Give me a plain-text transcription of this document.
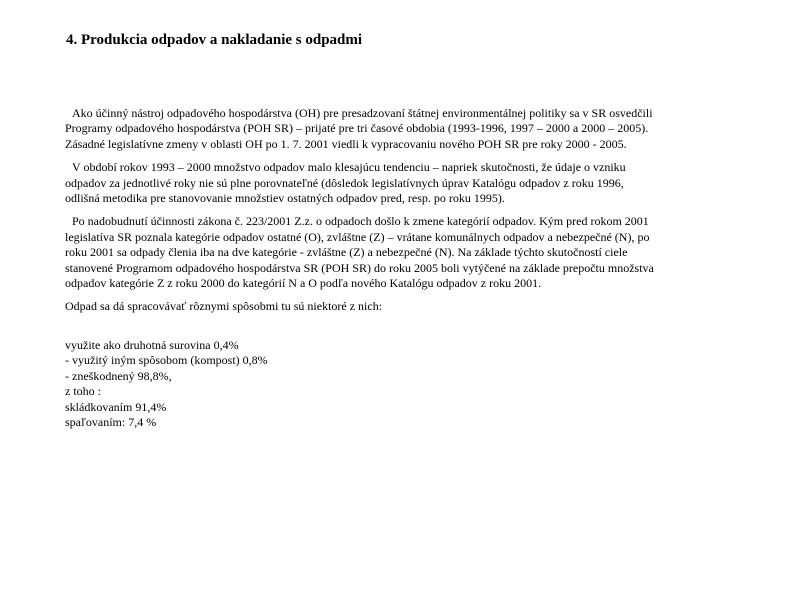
4. Produkcia odpadov a nakladanie s odpadmi

Ako účinný nástroj odpadového hospodárstva (OH) pre presadzovaní štátnej environmentálnej politiky sa v SR osvedčili Programy odpadového hospodárstva (POH SR) – prijaté pre tri časové obdobia (1993-1996, 1997 – 2000 a 2000 – 2005). Zásadné legislatívne zmeny v oblasti OH po 1. 7. 2001 viedli k vypracovaniu nového POH SR pre roky 2000 - 2005.

V období rokov 1993 – 2000 množstvo odpadov malo klesajúcu tendenciu – napriek skutočnosti, že údaje o vzniku odpadov za jednotlivé roky nie sú plne porovnateľné (dôsledok legislatívnych úprav Katalógu odpadov z roku 1996, odlišná metodika pre stanovovanie množstiev ostatných odpadov pred, resp. po roku 1995).

Po nadobudnutí účinnosti zákona č. 223/2001 Z.z. o odpadoch došlo k zmene kategórií odpadov. Kým pred rokom 2001 legislatíva SR poznala kategórie odpadov ostatné (O), zvláštne (Z) – vrátane komunálnych odpadov a nebezpečné (N), po roku 2001 sa odpady členia iba na dve kategórie - zvláštne (Z) a nebezpečné (N). Na základe týchto skutočností ciele stanovené Programom odpadového hospodárstva SR (POH SR) do roku 2005 boli vytýčené na základe prepočtu množstva odpadov kategórie Z z roku 2000 do kategórií N a O podľa nového Katalógu odpadov z roku 2001.

Odpad sa dá spracovávať rôznymi spôsobmi tu sú niektoré z nich:

využite ako druhotná surovina 0,4%
- využitý iným spôsobom (kompost) 0,8%
- zneškodnený 98,8%,
z toho :
skládkovaním 91,4%
spaľovaním: 7,4 %
